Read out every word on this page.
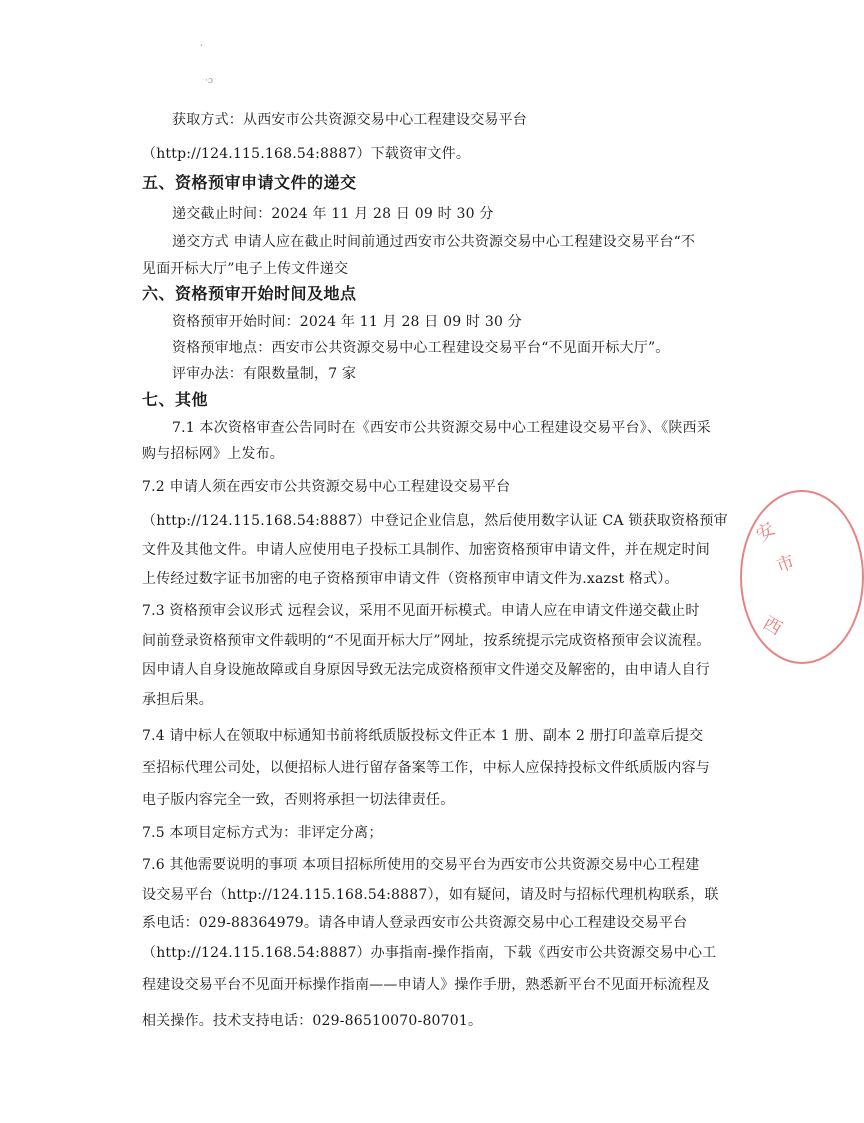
'
·ɔ
获取方式：从西安市公共资源交易中心工程建设交易平台
（http://124.115.168.54:8887）下载资审文件。
五、资格预审申请文件的递交
递交截止时间：2024 年 11 月 28 日 09 时 30 分
递交方式 申请人应在截止时间前通过西安市公共资源交易中心工程建设交易平台“不
见面开标大厅”电子上传文件递交
六、资格预审开始时间及地点
资格预审开始时间：2024 年 11 月 28 日 09 时 30 分
资格预审地点：西安市公共资源交易中心工程建设交易平台“不见面开标大厅”。
评审办法：有限数量制，7 家
七、其他
7.1 本次资格审查公告同时在《西安市公共资源交易中心工程建设交易平台》、《陕西采
购与招标网》上发布。
7.2 申请人须在西安市公共资源交易中心工程建设交易平台
（http://124.115.168.54:8887）中登记企业信息，然后使用数字认证 CA 锁获取资格预审
文件及其他文件。申请人应使用电子投标工具制作、加密资格预审申请文件，并在规定时间
上传经过数字证书加密的电子资格预审申请文件（资格预审申请文件为.xazst 格式）。
7.3 资格预审会议形式 远程会议，采用不见面开标模式。申请人应在申请文件递交截止时
间前登录资格预审文件载明的“不见面开标大厅”网址，按系统提示完成资格预审会议流程。
因申请人自身设施故障或自身原因导致无法完成资格预审文件递交及解密的，由申请人自行
承担后果。
7.4 请中标人在领取中标通知书前将纸质版投标文件正本 1 册、副本 2 册打印盖章后提交
至招标代理公司处，以便招标人进行留存备案等工作，中标人应保持投标文件纸质版内容与
电子版内容完全一致，否则将承担一切法律责任。
7.5 本项目定标方式为：非评定分离；
7.6 其他需要说明的事项 本项目招标所使用的交易平台为西安市公共资源交易中心工程建
设交易平台（http://124.115.168.54:8887），如有疑问，请及时与招标代理机构联系，联
系电话：029-88364979。请各申请人登录西安市公共资源交易中心工程建设交易平台
（http://124.115.168.54:8887）办事指南-操作指南，下载《西安市公共资源交易中心工
程建设交易平台不见面开标操作指南——申请人》操作手册，熟悉新平台不见面开标流程及
相关操作。技术支持电话：029-86510070-80701。
安
市
西
